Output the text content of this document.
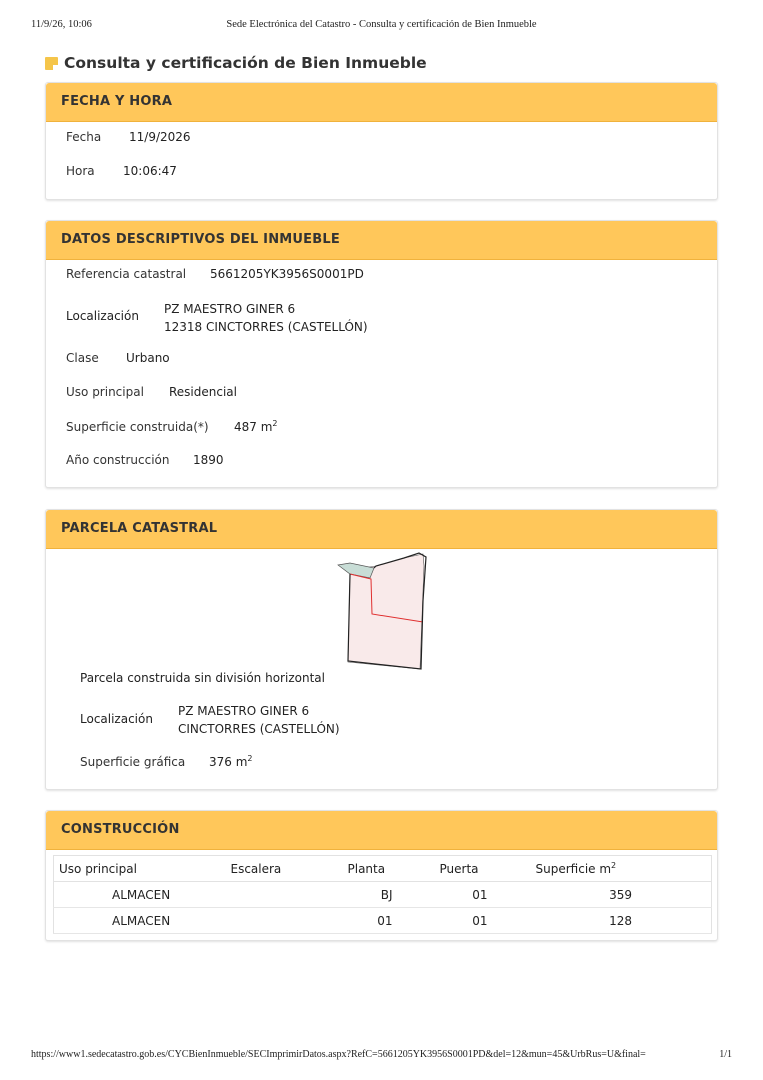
11/9/26, 10:06	Sede Electrónica del Catastro - Consulta y certificación de Bien Inmueble
Consulta y certificación de Bien Inmueble
FECHA Y HORA
Fecha 11/9/2026
Hora 10:06:47
DATOS DESCRIPTIVOS DEL INMUEBLE
Referencia catastral 5661205YK3956S0001PD
Localización PZ MAESTRO GINER 6
12318 CINCTORRES (CASTELLÓN)
Clase Urbano
Uso principal Residencial
Superficie construida(*) 487 $m^2$
Año construcción 1890
PARCELA CATASTRAL
Parcela construida sin división horizontal
Localización
PZ MAESTRO GINER 6
CINCTORRES (CASTELLÓN)
Superficie gráfica 376 $m^2$
CONSTRUCCIÓN
Uso principal	Escalera	Planta	Puerta	Superficie $m^2$
ALMACEN		BJ	01	359
ALMACEN		01	01	128
https://www1.sedecatastro.gob.es/CYCBienInmueble/SECImprimirDatos.aspx?RefC=5661205YK3956S0001PD&del=12&mun=45&UrbRus=U&final=	1/1
